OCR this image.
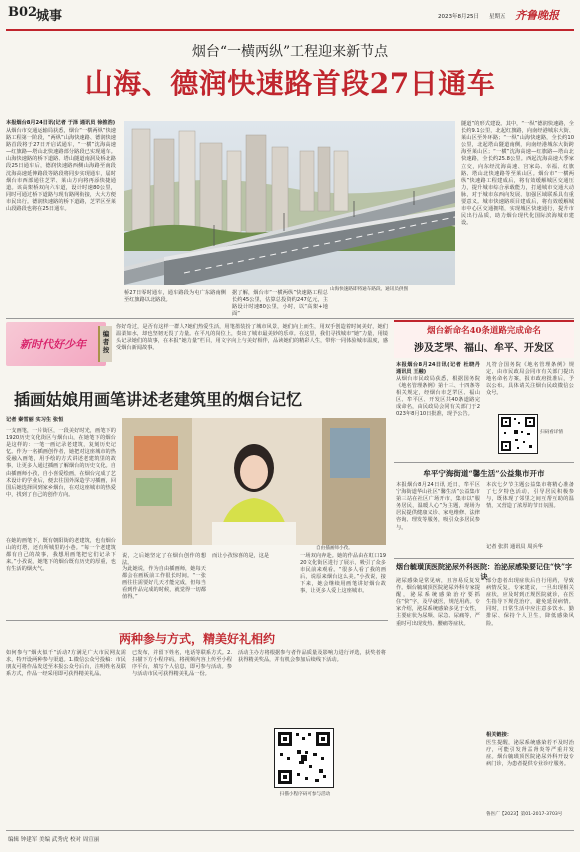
B02
城事	2023年8月25日 星期五 齐鲁晚报
烟台“一横两纵”工程迎来新节点
山海、德润快速路首段27日通车
本报烟台8月24日讯(记者 于泽 通讯员 徐推浩)
从烟台市交通运输局获悉，烟台“一横两纵”快速路工程第一阶段，“两纵”山海快速路、德润快速路首段将于27日开启试通车，“一横”沈海高速—红旗路—塔山北快速路部分路段已实现通车。山海快速路的桥下道路、塔山隧道南洞及桥北路段25日通车后，德润快速路西侧山海路至南段沈海高速延伸路段等路段将同步实现通车，届时烟台市西部通往芝罘、莱山方向将再添快捷通道。该高架桥双向六车道，设计时速80公里，同时可通过桥下道路与现有路网衔接，大大方便市民出行。德润快速路的桥下道路，芝罘区至莱山段路段也将在25日通车。
山海快速路即将通车路段。通讯员供图
桥27日零时通车，通车路段为屯广东路南侧至红旗路以北路段。
据了解，烟台市“一横两纵”快速路工程总长约45公里，估算总投资约247亿元，主路设计时速80公里，小时，以“高架+地面”
隧道”的形式建设。其中，“一纵”德润快速路，全长约9.1公里，北起红旗路，向南经港城东大街、莱山区至外环路；“一纵”山海快速路，全长约10公里，北起塔山隧道南侧，向南经港城东大街跨海至莱山区；“一横”沈海高速—红旗路—塔山北快速路，全长约25.8公里。西起沈海高速大季家立交，向东经沈海高速、宫家岛、幸福、红旗路、塔山北快速路等至莱山区。烟台市“一横两纵”快速路工程建成后，将有效缓解城区交通压力，提升城市综合承载能力，打通城市交通大动脉，对于城市东西向发展、加强区域联系具有重要意义。城市快速路项目建成后，将有效缓解城市中心区交通拥堵，实现城区快速通行，提升市民出行品质，助力烟台现代化国际滨海城市建设。
新时代好少年
编者按
你好奇过，是否有这样一群人?她们热爱生活，用笔墨装扮了城市风景，她们向上而生，用双手创造着时间美好，她们温柔如水，却也坚韧无畏了力量。在平凡的岗位上，奏出了城市最美妙的乐章。在这里，我们寻找城市“她”力量，用镜头记录她们的故事，在本报“她力量”栏目，用文字向上与美好相伴，品读她们的精彩人生，带你一同体验城市温度，感受烟台新闻故事。
插画姑娘用画笔讲述老建筑里的烟台记忆
记者 秦雪丽 实习生 张恒
一支画笔，一片街区，一段美好时光，画笔下的1920历史文化街区与烟台山，在她笔下的烟台是这样的：一笔一画记录老建筑，复刻历史记忆。作为一名插画创作者，她把对这座城市的热爱融入画笔，用手绘的方式讲述老建筑里的故事，让更多人通过插画了解烟台的历史文化。自由插画师小孜，自小喜爱绘画，在烟台完成了艺术设计的学业后，便去往国外深造学习插画，回国后她选择回到家乡烟台，在对这座城市的热爱中，找到了自己的创作方向。
在她的画笔下，既有朝阳街的老建筑，也有烟台山的灯塔，还有所城里的小巷。“每一个老建筑都有自己的故事，我想用画笔把它们记录下来。”小孜说，她笔下的烟台既有历史的厚重，也有生活的烟火气。
自由插画师小孜。
说，之后她坚定了在烟台创作的想法。
为此她说，作为自由插画师，她每天都会在画板前工作很长时间。“一张画往往需要好几天才能完成，但每当看到作品完成的时候，就觉得一切都值得。”
而让小孜惊喜的是，这是	一场双向奔赴。她的作品由在虹口1920文化街区进行了展示，吸引了众多市民前来观看。“很多人看了我的画后，说原来烟台这么美。”小孜说，接下来，她会继续用画笔讲好烟台故事，让更多人爱上这座城市。
两种参与方式，精美好礼相约
如何参与“烟火似千“活动?方满足广大市民网友需求，特开设两种参与渠道。1.微信公众号投稿：市民朋友可将作品发送至本报公众号后台，注明姓名及联系方式，作品一经采用即可获得精美礼品。
已发布，并留下姓名，电话等联系方式。2.扫描下方小程序码，将视频内容上传至小程序平台，填写个人信息，即可参与活动。参与活动市民可获得精美礼品一份。
活动主办方将根据参与者作品质量及影响力进行评选，获奖者将获得精美奖品，并有机会参加后续线下活动。
扫描小程序码可参与活动
烟台新命名40条道路完成命名
涉及芝罘、福山、牟平、开发区
本报烟台8月24日讯(记者 杜晓丹 通讯员 王融)
从烟台市民政局获悉，根据国务院《地名管理条例》第十三、十四条等相关规定，经烟台市芝罘区、福山区、牟平区、开发区共40条道路完成命名，由民政局会同有关部门于2023年8月10日批准，现予公告。
凡符合国务院《地名管理条例》规定，由市民政局会同市有关部门提出地名命名方案，报市政府批准后，予以公布。具体请关注烟台民政微信公众号。
扫码看详情
牟平宁海街道“馨生活”公益集市开市
本报烟台8月24日讯 近日，牟平区宁海街道华山社区“馨生活”公益集市第三站在社区广场开市，集市以“服务居民，温暖人心”为主题，现场为居民提供健康义诊、家电维修、法律咨询、理发等服务，吸引众多居民参与。
本次七夕节主题公益集市将精心准备了七夕特色活动，引导居民积极参与，既体现了邻里之间互帮互助的温情，又营造了浓厚的节日氛围。
记者 张洪 通讯员 周兵华
烟台毓璜顶医院泌尿外科医院：治泌尿感染要记住“快”字诀
泌尿感染是常见病，且容易反复发作。烟台毓璜顶医院泌尿外科专家提醒，泌尿系统感染治疗要抓住“快”字，及早就医，规范用药。专家介绍，泌尿系统感染多见于女性，主要症状为尿频、尿急、尿痛等，严重时可出现发热、腰痛等症状。
部分患者出现症状后自行用药，导致病情反复。专家建议，一旦出现相关症状，应及时到正规医院就诊，在医生指导下规范治疗，避免延误病情。同时，日常生活中应注意多饮水、勤排尿、保持个人卫生，降低感染风险。
相关链接：
医生提醒，泌尿系统感染若不及时治疗，可能引发肾盂肾炎等严重并发症。烟台毓璜顶医院泌尿外科开设专病门诊，为患者提供专业诊疗服务。
鲁医广【2023】第01-2017-3703号
编辑 钟建军 美编 武秀虎 校对 周宣丽
